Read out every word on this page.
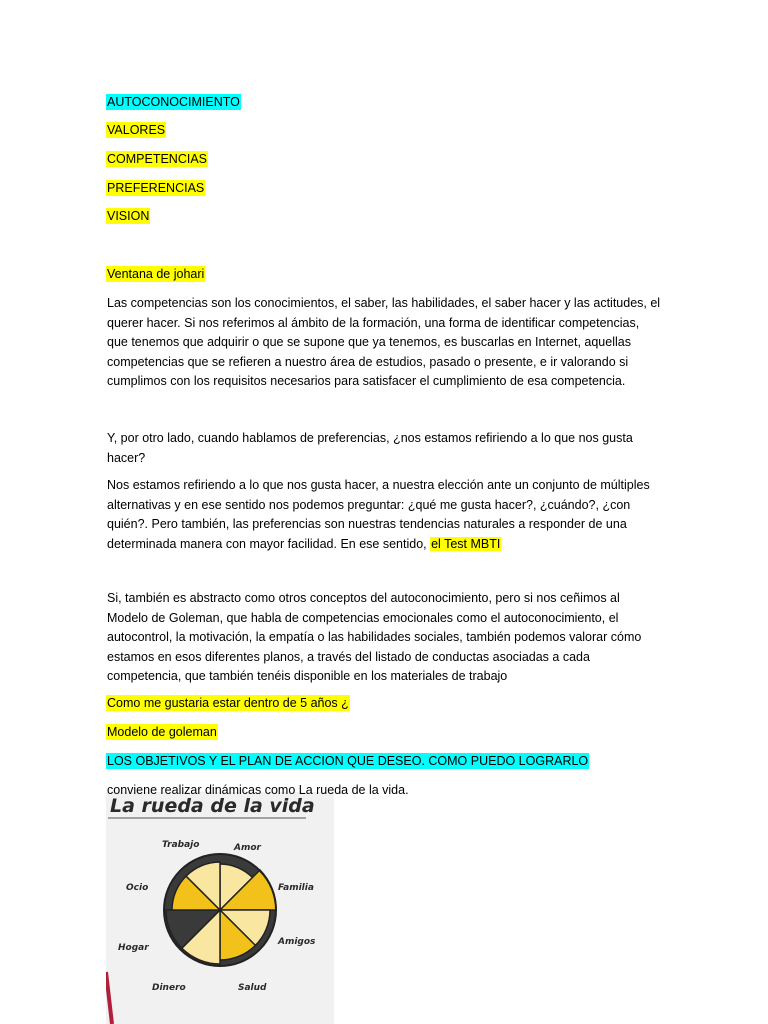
AUTOCONOCIMIENTO
VALORES
COMPETENCIAS
PREFERENCIAS
VISION
Ventana de johari

Las competencias son los conocimientos, el saber, las habilidades, el saber hacer y las actitudes, el querer hacer. Si nos referimos al ámbito de la formación, una forma de identificar competencias, que tenemos que adquirir o que se supone que ya tenemos, es buscarlas en Internet, aquellas competencias que se refieren a nuestro área de estudios, pasado o presente, e ir valorando si cumplimos con los requisitos necesarios para satisfacer el cumplimiento de esa competencia.

Y, por otro lado, cuando hablamos de preferencias, ¿nos estamos refiriendo a lo que nos gusta hacer?

Nos estamos refiriendo a lo que nos gusta hacer, a nuestra elección ante un conjunto de múltiples alternativas y en ese sentido nos podemos preguntar: ¿qué me gusta hacer?, ¿cuándo?, ¿con quién?. Pero también, las preferencias son nuestras tendencias naturales a responder de una determinada manera con mayor facilidad. En ese sentido, el Test MBTI

Si, también es abstracto como otros conceptos del autoconocimiento, pero si nos ceñimos al Modelo de Goleman, que habla de competencias emocionales como el autoconocimiento, el autocontrol, la motivación, la empatía o las habilidades sociales, también podemos valorar cómo estamos en esos diferentes planos, a través del listado de conductas asociadas a cada competencia, que también tenéis disponible en los materiales de trabajo

Como me gustaria estar dentro de 5 años ¿
Modelo de goleman
LOS OBJETIVOS Y EL PLAN DE ACCION QUE DESEO. COMO PUEDO LOGRARLO
La rueda de la vida
Trabajo	Amor
Familia
Amigos
Salud
Dinero
Hogar
Ocio
conviene realizar dinámicas como La rueda de la vida.
